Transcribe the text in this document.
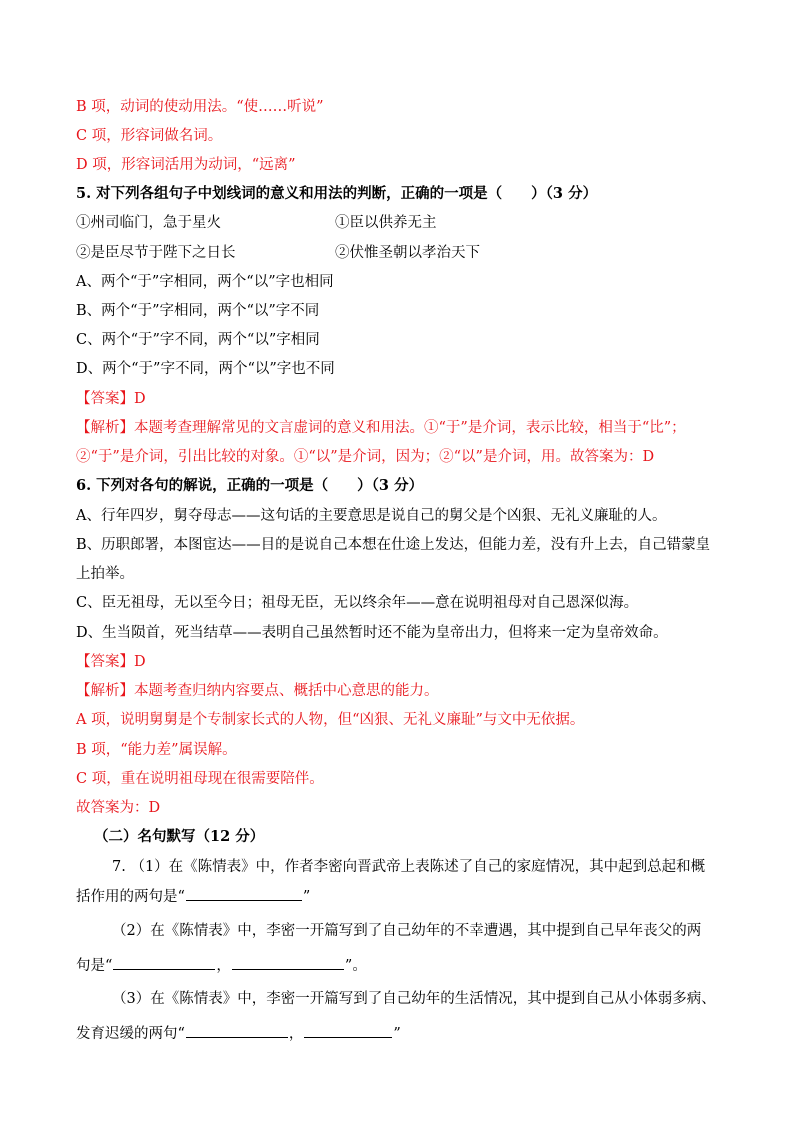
B 项，动词的使动用法。“使……听说”
C 项，形容词做名词。
D 项，形容词活用为动词，“远离”
5. 对下列各组句子中划线词的意义和用法的判断，正确的一项是（　　）（3 分）
①州司临门，急于星火	①臣以供养无主
②是臣尽节于陛下之日长	②伏惟圣朝以孝治天下
A、两个“于”字相同，两个“以”字也相同
B、两个“于”字相同，两个“以”字不同
C、两个“于”字不同，两个“以”字相同
D、两个“于”字不同，两个“以”字也不同
【答案】D
【解析】本题考查理解常见的文言虚词的意义和用法。①“于”是介词，表示比较，相当于“比”；
②“于”是介词，引出比较的对象。①“以”是介词，因为；②“以”是介词，用。故答案为：D
6. 下列对各句的解说，正确的一项是（　　）（3 分）
A、行年四岁，舅夺母志——这句话的主要意思是说自己的舅父是个凶狠、无礼义廉耻的人。
B、历职郎署，本图宦达——目的是说自己本想在仕途上发达，但能力差，没有升上去，自己错蒙皇
上拍举。
C、臣无祖母，无以至今日；祖母无臣，无以终余年——意在说明祖母对自己恩深似海。
D、生当陨首，死当结草——表明自己虽然暂时还不能为皇帝出力，但将来一定为皇帝效命。
【答案】D
【解析】本题考查归纳内容要点、概括中心意思的能力。
A 项，说明舅舅是个专制家长式的人物，但“凶狠、无礼义廉耻”与文中无依据。
B 项，“能力差”属误解。
C 项，重在说明祖母现在很需要陪伴。
故答案为：D
（二）名句默写（12 分）
7. （1）在《陈情表》中，作者李密向晋武帝上表陈述了自己的家庭情况，其中起到总起和概
括作用的两句是“	”
（2）在《陈情表》中，李密一开篇写到了自己幼年的不幸遭遇，其中提到自己早年丧父的两
句是“	，	”。
（3）在《陈情表》中，李密一开篇写到了自己幼年的生活情况，其中提到自己从小体弱多病、
发育迟缓的两句“	，	”
